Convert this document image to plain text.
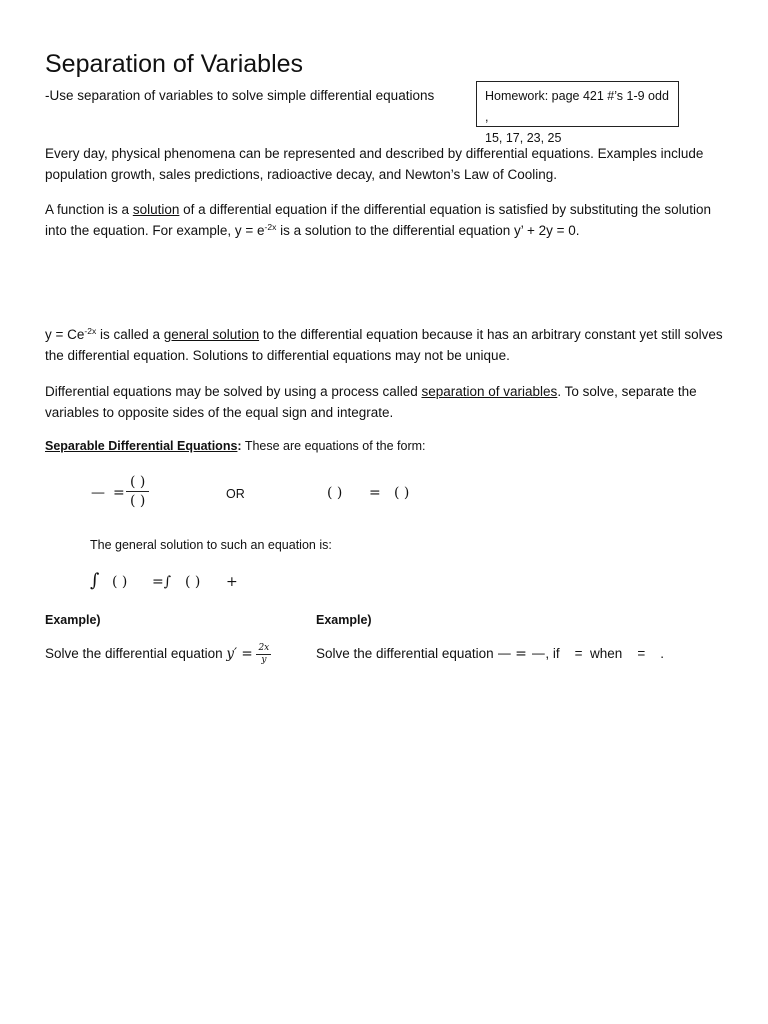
Separation of Variables
-Use separation of variables to solve simple differential equations	Homework: page 421 #’s 1-9 odd ,
15, 17, 23, 25
Every day, physical phenomena can be represented and described by differential equations. Examples include population growth, sales predictions, radioactive decay, and Newton’s Law of Cooling.
A function is a solution of a differential equation if the differential equation is satisfied by substituting the solution into the equation. For example, $y = e^{-2x}$ is a solution to the differential equation y’ + 2y = 0.
$y = Ce^{-2x}$ is called a general solution to the differential equation because it has an arbitrary constant yet still solves the differential equation. Solutions to differential equations may not be unique.
Differential equations may be solved by using a process called separation of variables. To solve, separate the variables to opposite sides of the equal sign and integrate.
Separable Differential Equations: These are equations of the form:
— = $\frac{( )}{( )}$	OR	( ) = ( )
The general solution to such an equation is:
∫ ( ) =∫ ( ) +
Example)	Example)
Solve the differential equation $y' = \frac{2x}{y}$	Solve the differential equation — = —, if = when = .
